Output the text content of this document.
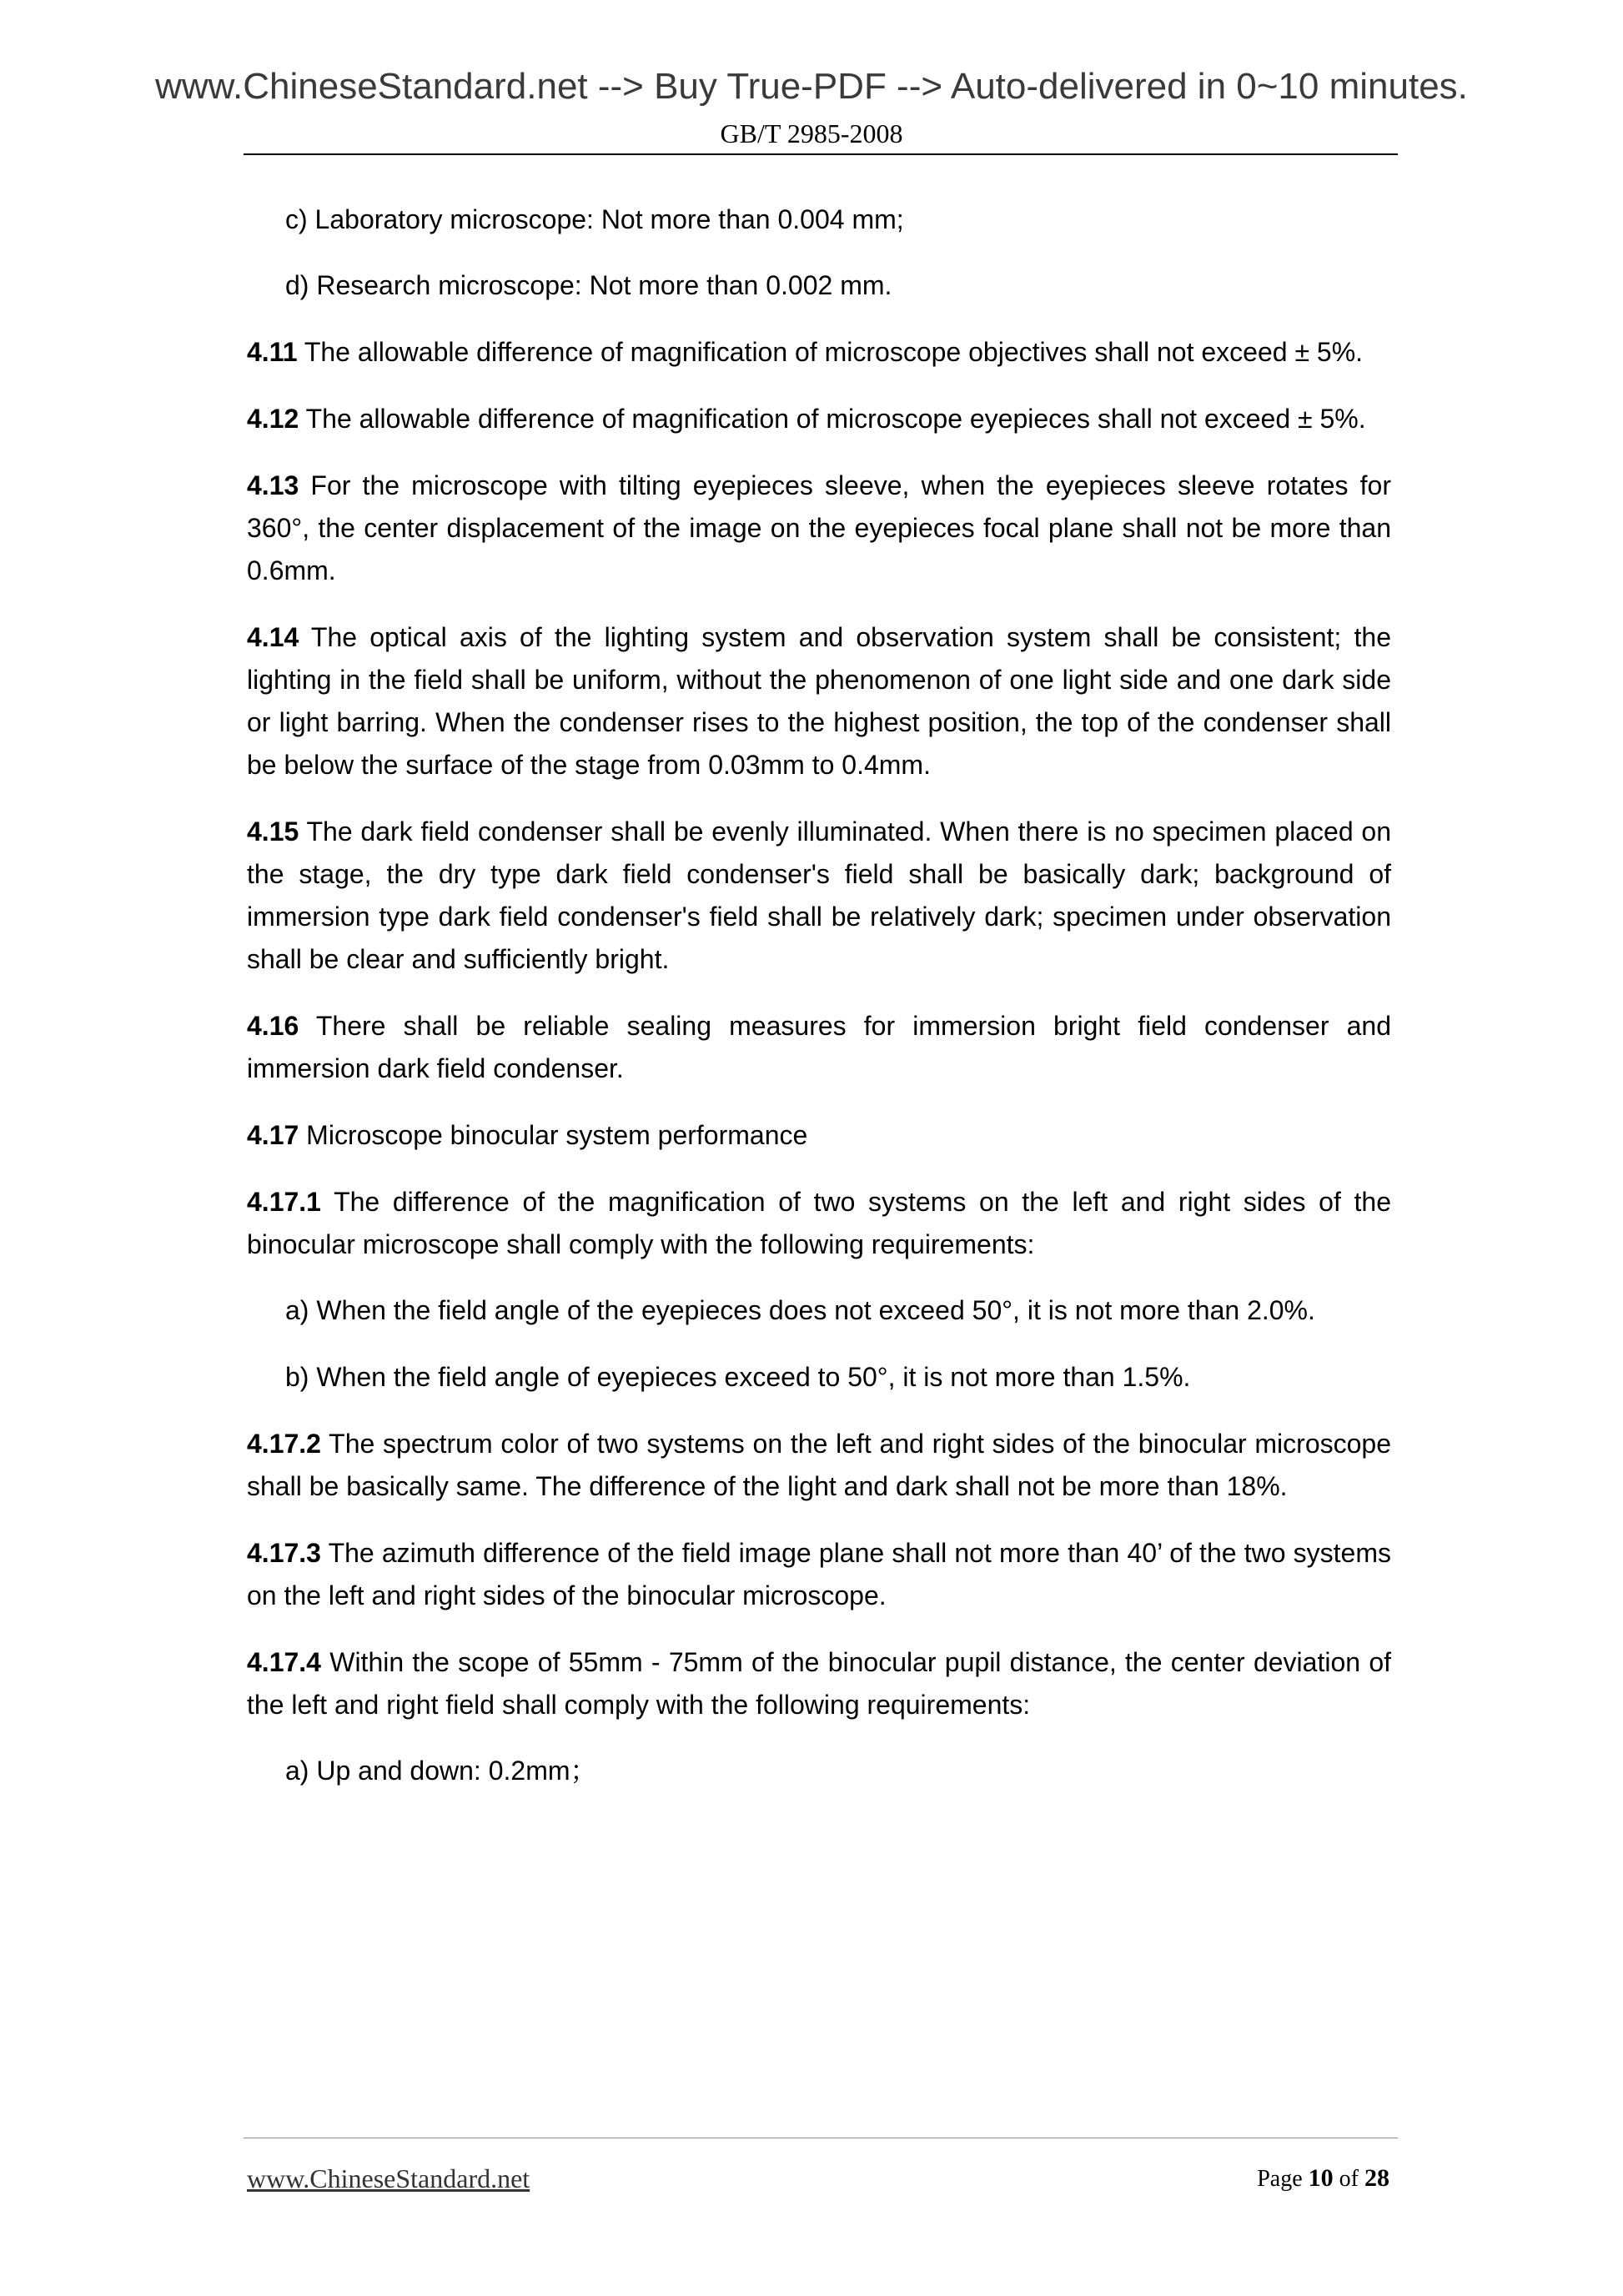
www.ChineseStandard.net --> Buy True-PDF --> Auto-delivered in 0~10 minutes.
GB/T 2985-2008

c) Laboratory microscope: Not more than 0.004 mm;

d) Research microscope: Not more than 0.002 mm.

4.11 The allowable difference of magnification of microscope objectives shall not exceed ± 5%.

4.12 The allowable difference of magnification of microscope eyepieces shall not exceed ± 5%.

4.13 For the microscope with tilting eyepieces sleeve, when the eyepieces sleeve rotates for 360°, the center displacement of the image on the eyepieces focal plane shall not be more than 0.6mm.

4.14 The optical axis of the lighting system and observation system shall be consistent; the lighting in the field shall be uniform, without the phenomenon of one light side and one dark side or light barring. When the condenser rises to the highest position, the top of the condenser shall be below the surface of the stage from 0.03mm to 0.4mm.

4.15 The dark field condenser shall be evenly illuminated. When there is no specimen placed on the stage, the dry type dark field condenser's field shall be basically dark; background of immersion type dark field condenser's field shall be relatively dark; specimen under observation shall be clear and sufficiently bright.

4.16 There shall be reliable sealing measures for immersion bright field condenser and immersion dark field condenser.

4.17 Microscope binocular system performance

4.17.1 The difference of the magnification of two systems on the left and right sides of the binocular microscope shall comply with the following requirements:

a) When the field angle of the eyepieces does not exceed 50°, it is not more than 2.0%.

b) When the field angle of eyepieces exceed to 50°, it is not more than 1.5%.

4.17.2 The spectrum color of two systems on the left and right sides of the binocular microscope shall be basically same. The difference of the light and dark shall not be more than 18%.

4.17.3 The azimuth difference of the field image plane shall not more than 40’ of the two systems on the left and right sides of the binocular microscope.

4.17.4 Within the scope of 55mm - 75mm of the binocular pupil distance, the center deviation of the left and right field shall comply with the following requirements:

a) Up and down: 0.2mm；

www.ChineseStandard.net	Page 10 of 28
